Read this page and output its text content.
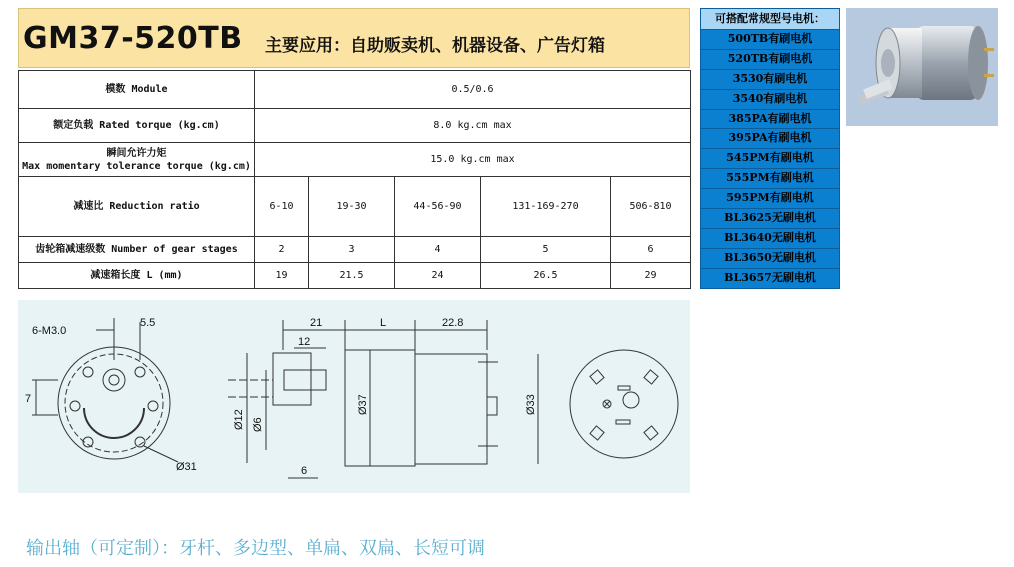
GM37-520TB 主要应用：自助贩卖机、机器设备、广告灯箱
模数 Module	0.5/0.6				
额定负载 Rated torque (kg.cm)	8.0 kg.cm max				

瞬间允许力矩
Max momentary tolerance torque (kg.cm)	15.0 kg.cm max				
减速比 Reduction ratio	6-10	19-30	44-56-90	131-169-270	506-810
齿轮箱减速级数 Number of gear stages	2	3	4	5	6
减速箱长度 L (mm)	19	21.5	24	26.5	29
可搭配常规型号电机：
500TB有刷电机
520TB有刷电机
3530有刷电机
3540有刷电机
385PA有刷电机
395PA有刷电机
545PM有刷电机
555PM有刷电机
595PM有刷电机
BL3625无刷电机
BL3640无刷电机
BL3650无刷电机
BL3657无刷电机
6-M3.0
5.5
7
Ø31
21	L	22.8
12
Ø12 Ø6
Ø37	Ø33
6
输出轴（可定制）：牙杆、多边型、单扁、双扁、长短可调
